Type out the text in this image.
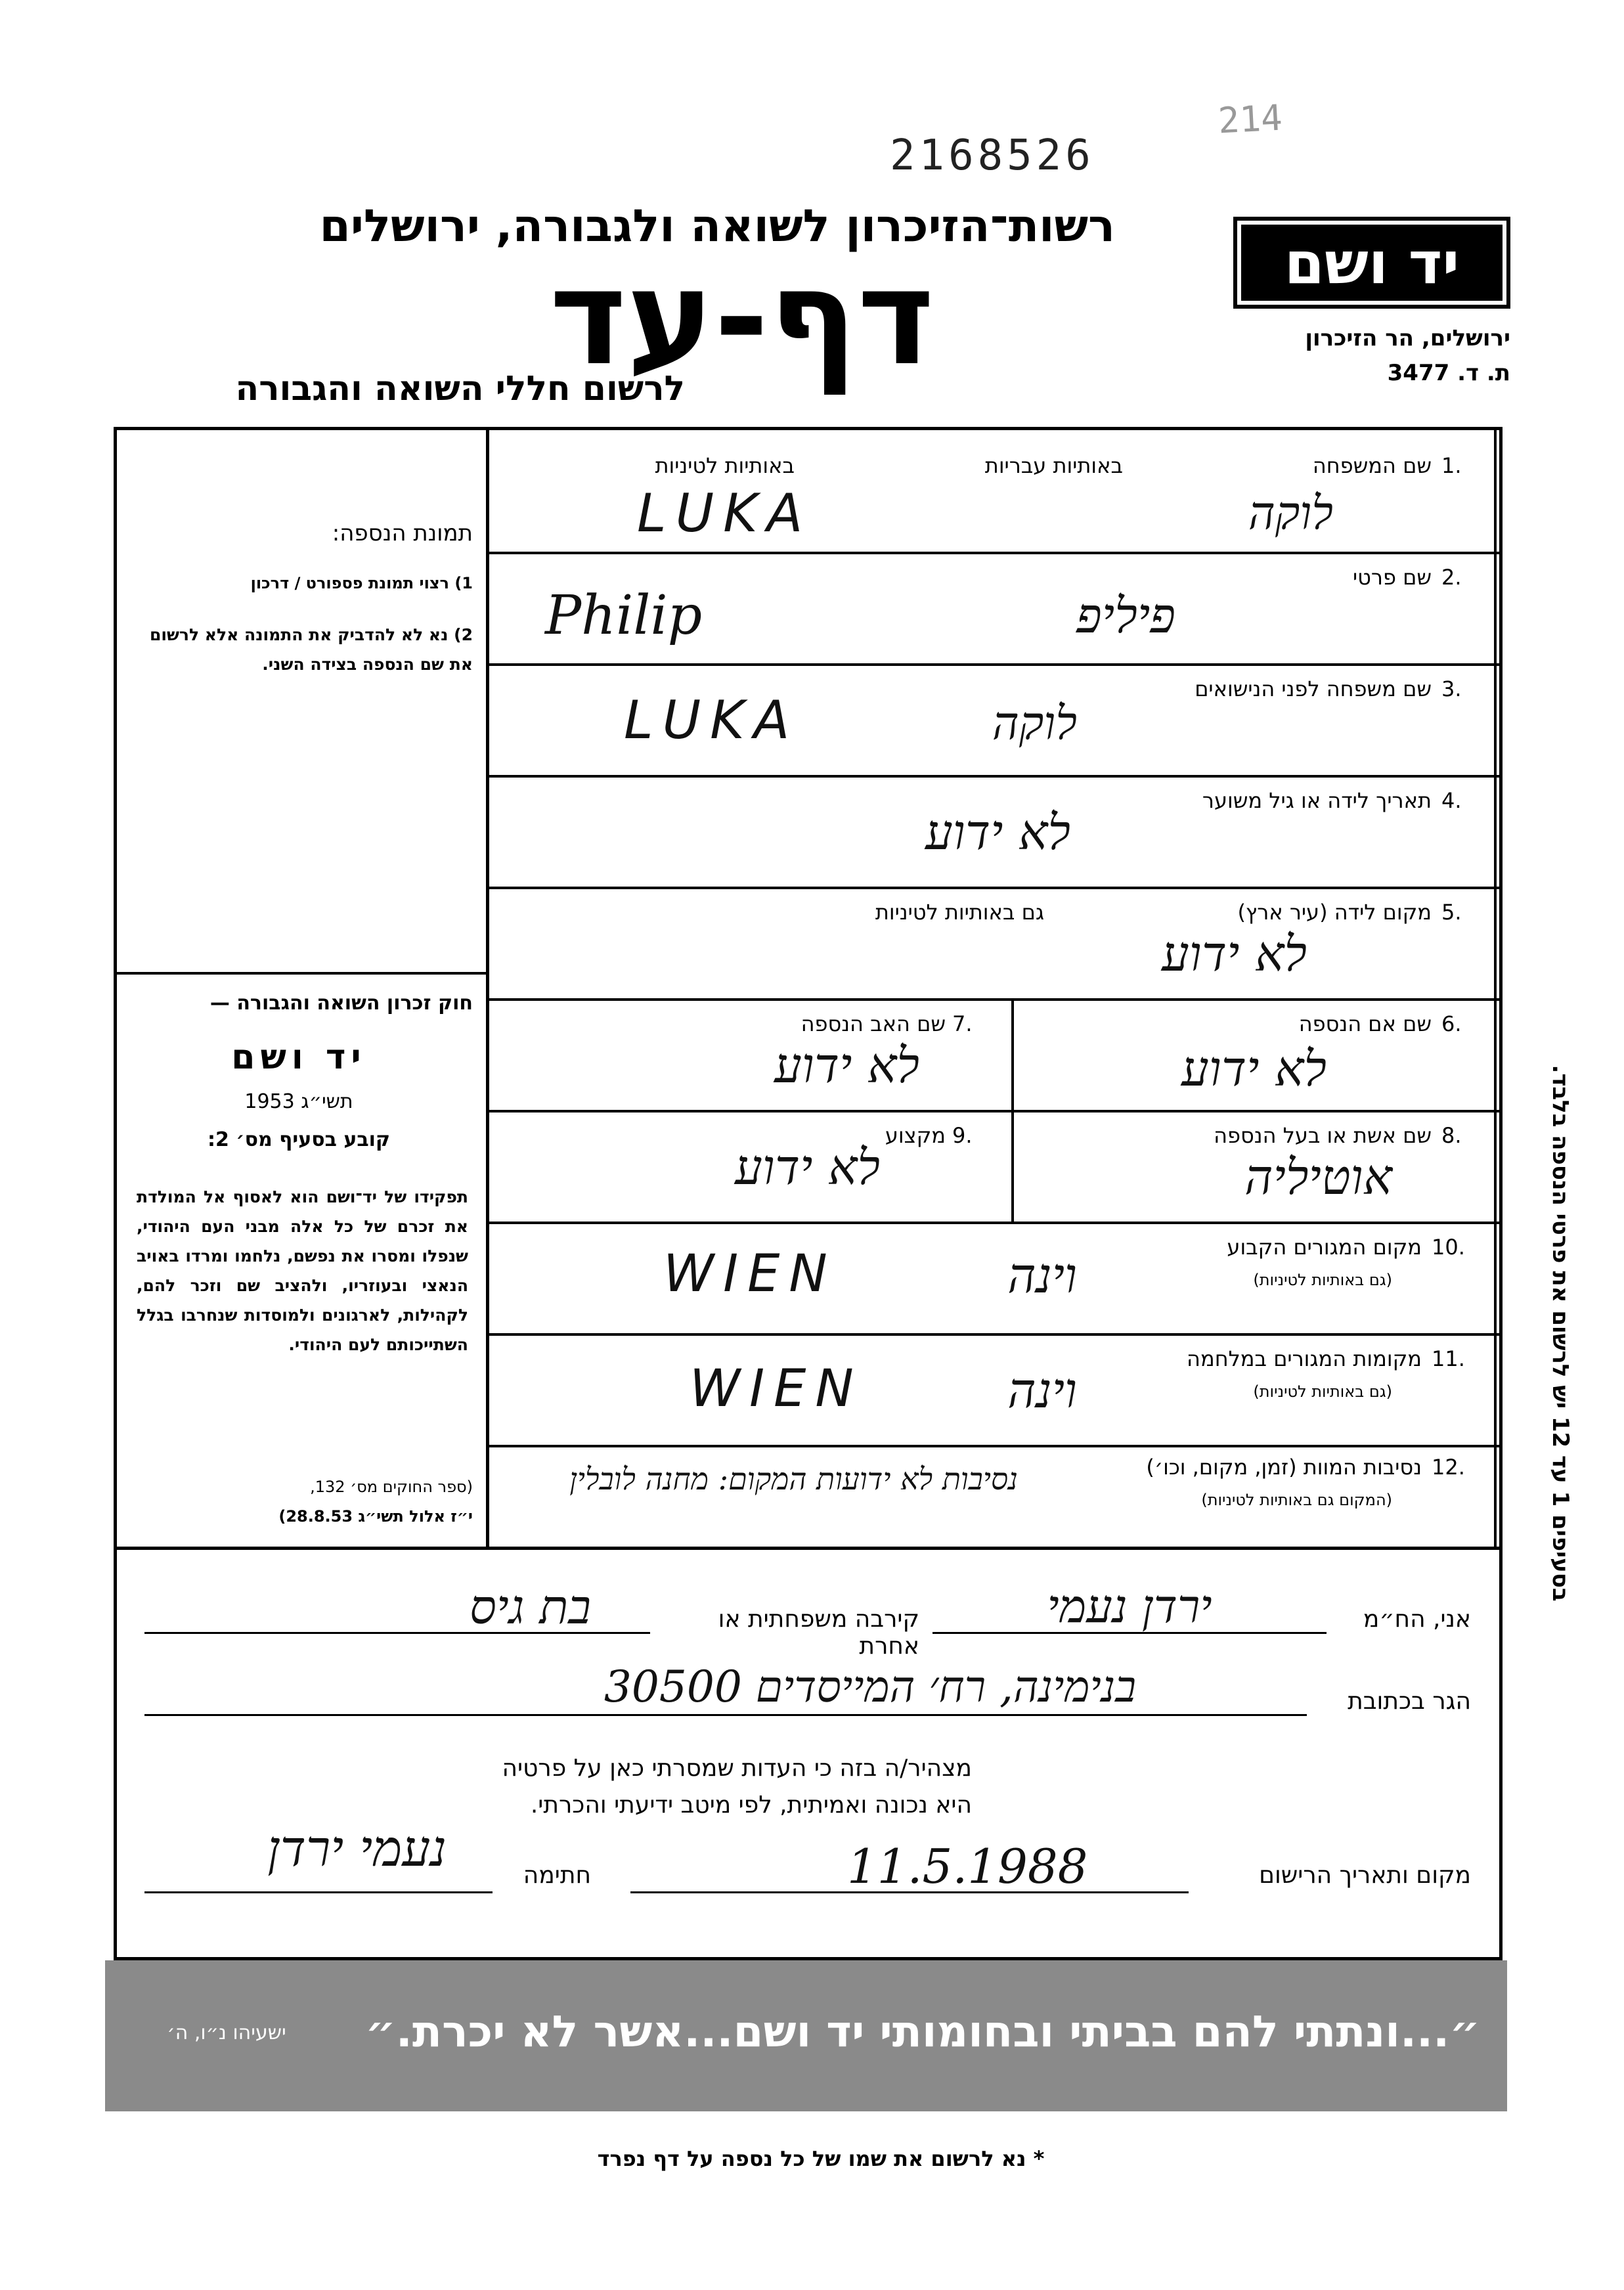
2168526
214
רשות־הזיכרון לשואה ולגבורה, ירושלים
דף-עד
לרשום חללי השואה והגבורה
יד ושם
ירושלים, הר הזיכרון
ת. ד. 3477
תמונת הנספה:
1) רצוי תמונת פספורט / דרכון
2) נא לא להדביק את התמונה אלא לרשום את שם הנספה בצידה השני.
חוק זכרון השואה והגבורה —
יד ושם
תשי״ג 1953
קובע בסעיף מס׳ 2:
תפקידו של יד־ושם הוא לאסוף אל המולדת את זכרם של כל אלה מבני העם היהודי, שנפלו ומסרו את נפשם, נלחמו ומרדו באויב הנאצי ובעוזריו, ולהציב שם וזכר להם, לקהילות, לארגונים ולמוסדות שנחרבו בגלל השתייכותם לעם היהודי.
(ספר החוקים מס׳ 132,
י״ז אלול תשי״ג 28.8.53)
בסעיפים 1 עד 12 יש לרשום את פרטי הנספה בלבד.
1.
שם המשפחה
באותיות עבריות
באותיות לטיניות
LUKA	לוקה
2.
שם פרטי
Philip	פיליפ
3.
שם משפחה לפני הנישואים
LUKA	לוקה
4.
תאריך לידה או גיל משוער
לא ידוע
5.
מקום לידה (עיר ארץ)
גם באותיות לטיניות
לא ידוע
6.
שם אם הנספה
לא ידוע
7.
שם האב הנספה
לא ידוע
8.
שם אשת או בעל הנספה
אוטיליה
9.
מקצוע
לא ידוע
10.
מקום המגורים הקבוע
(גם באותיות לטיניות)
WIEN	וינה
11.
מקומות המגורים במלחמה
(גם באותיות לטיניות)
WIEN	וינה
12.
נסיבות המוות (זמן, מקום, וכו׳)
(המקום גם באותיות לטיניות)
נסיבות לא ידועות המקום: מחנה לובלין
אני, הח״מ
ירדן נעמי
קירבה משפחתית או אחרת
בת גיס
הגר בכתובת
בנימינה, רח׳ המייסדים 30500
מצהיר/ה בזה כי העדות שמסרתי כאן על פרטיה היא נכונה ואמיתית, לפי מיטב ידיעתי והכרתי.
מקום ותאריך הרישום
11.5.1988
חתימה
נעמי ירדן
״...ונתתי להם בביתי ובחומותי יד ושם...אשר לא יכרת.״
ישעיהו נ״ו, ה׳
* נא לרשום את שמו של כל נספה על דף נפרד
